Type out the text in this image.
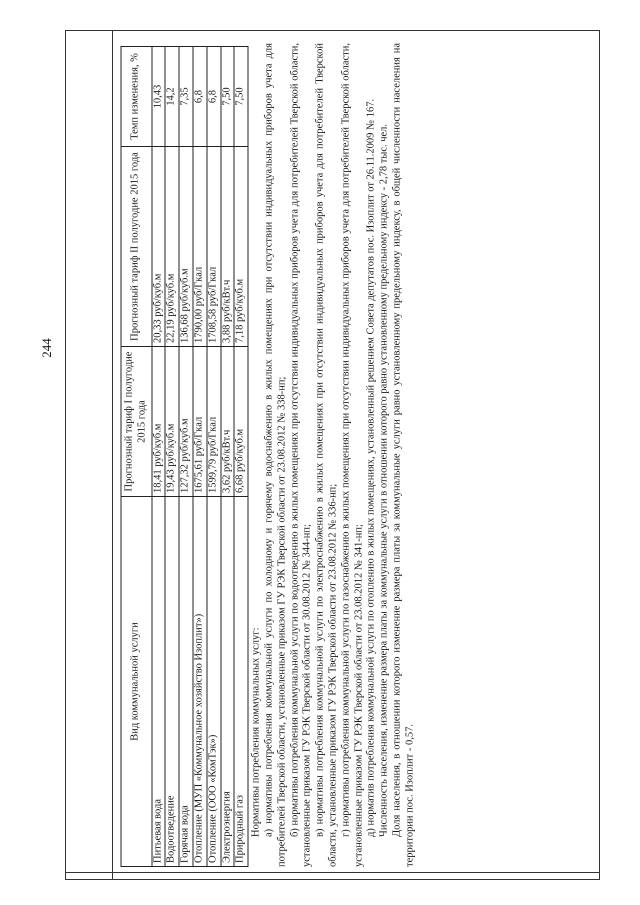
244
Вид коммунальной услуги	Прогнозный тариф I полугодие 2015 года	Прогнозный тариф II полугодие 2015 года	Темп изменения, %
Питьевая вода	18,41 руб/куб.м	20,33 руб/куб.м	10,43
Водоотведение	19,43 руб/куб.м	22,19 руб/куб.м	14,2
Горячая вода	127,32 руб/куб.м	136,68 руб/куб.м	7,35
Отопление (МУП «Коммунальное хозяйство Изоплит»)	1675,61 руб/Гкал	1790,00 руб/Гкал	6,8
Отопление (ООО «КомТэк»)	1599,79 руб/Гкал	1708,58 руб/Гкал	6,8
Электроэнергия	3,62 руб/кВт.ч	3,88 руб/кВт.ч	7,50
Природный газ	6,68 руб/куб.м	7,18 руб/куб.м	7,50

Нормативы потребления коммунальных услуг: а) нормативы потребления коммунальной услуги по холодному и горячему водоснабжению в жилых помещениях при отсутствии индивидуальных приборов учета для потребителей Тверской области, установленные приказом ГУ РЭК Тверской области от 23.08.2012 № 338-нп; б) нормативы потребления коммунальной услуги по водоотведению в жилых помещениях при отсутствии индивидуальных приборов учета для потребителей Тверской области, установленные приказом ГУ РЭК Тверской области от 30.08.2012 № 344-нп; в) нормативы потребления коммунальной услуги по электроснабжению в жилых помещениях при отсутствии индивидуальных приборов учета для потребителей Тверской области, установленные приказом ГУ РЭК Тверской области от 23.08.2012 № 336-нп; г) нормативы потребления коммунальной услуги по газоснабжению в жилых помещениях при отсутствии индивидуальных приборов учета для потребителей Тверской области, установленные приказом ГУ РЭК Тверской области от 23.08.2012 № 341-нп; д) норматив потребления коммунальной услуги по отоплению в жилых помещениях, установленный решением Совета депутатов пос. Изоплит от 26.11.2009 № 167. Численность населения, изменение размера платы за коммунальные услуги в отношении которого равно установленному предельному индексу - 2,78 тыс. чел. Доля населения, в отношении которого изменение размера платы за коммунальные услуги равно установленному предельному индексу, в общей численности населения на территории пос. Изоплит - 0,57.
